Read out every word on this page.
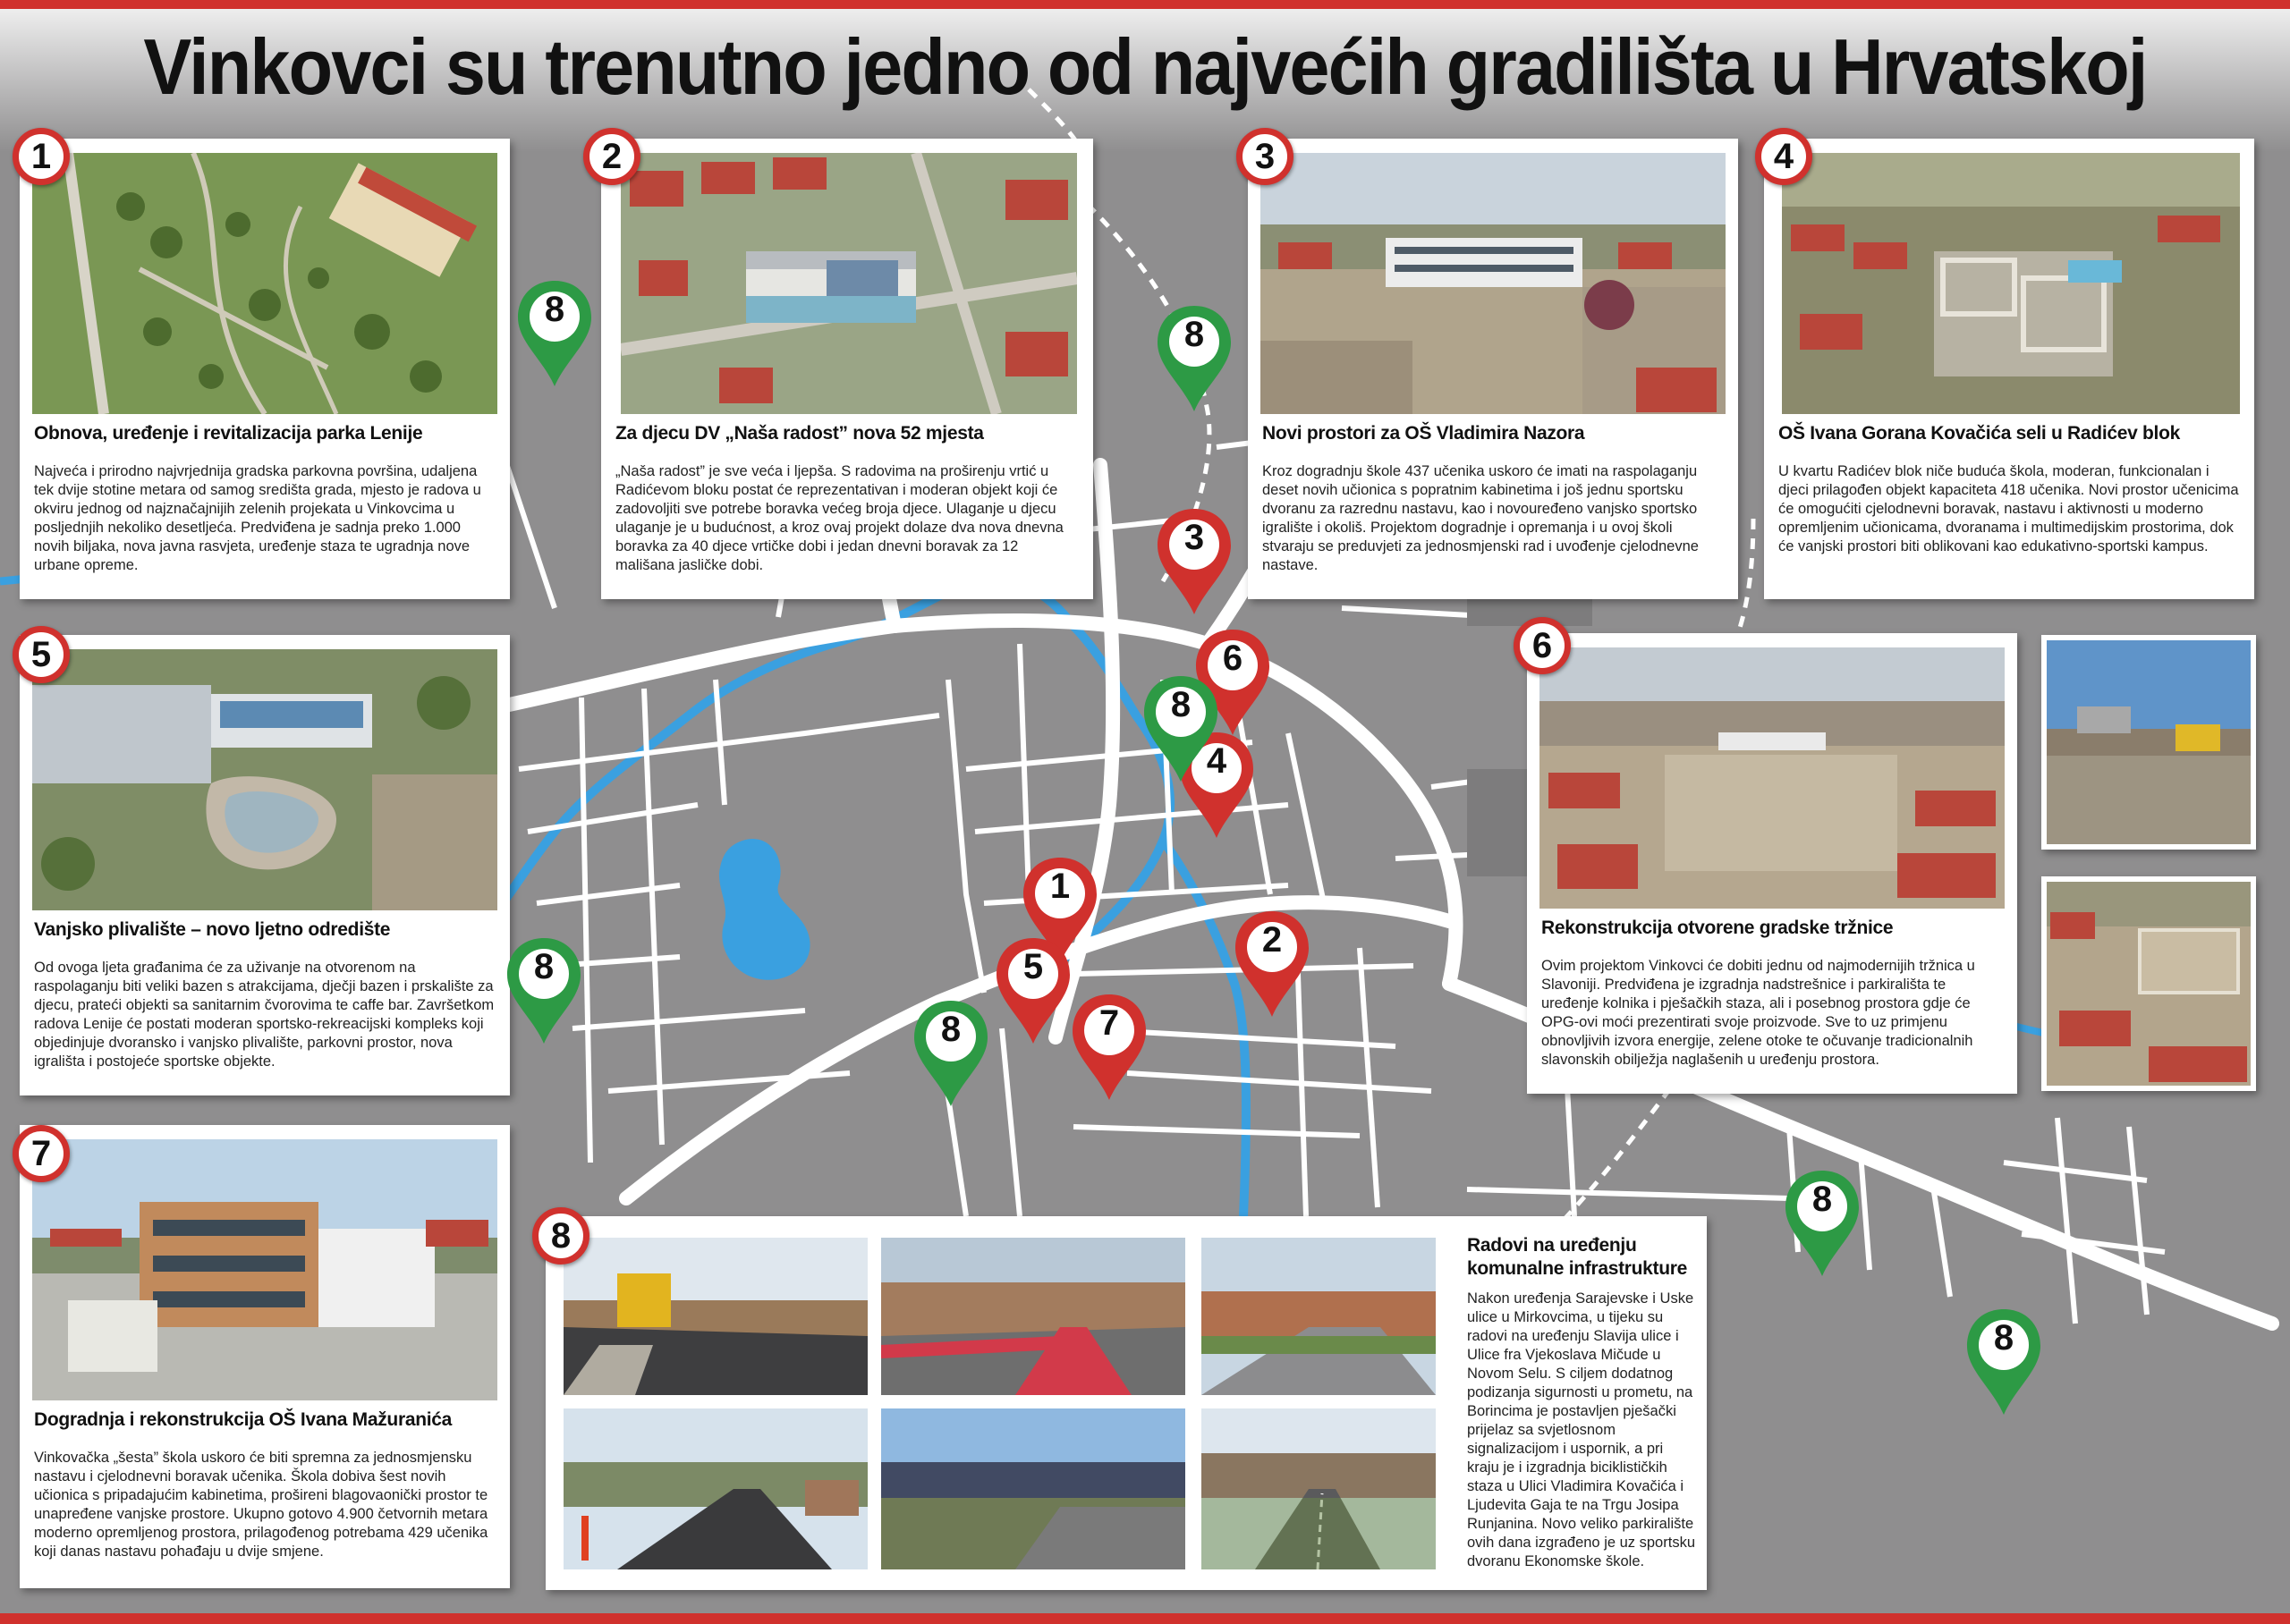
Vinkovci su trenutno jedno od najvećih gradilišta u Hrvatskoj
Obnova, uređenje i revitalizacija parka Lenije
Najveća i prirodno najvrjednija gradska parkovna površina, udaljena tek dvije stotine metara od samog središta grada, mjesto je radova u okviru jednog od najznačajnijih zelenih projekata u Vinkovcima u posljednjih nekoliko desetljeća. Predviđena je sadnja preko 1.000 novih biljaka, nova javna rasvjeta, uređenje staza te ugradnja nove urbane opreme.
1
Za djecu DV „Naša radost” nova 52 mjesta
„Naša radost” je sve veća i ljepša. S radovima na proširenju vrtić u Radićevom bloku postat će reprezentativan i moderan objekt koji će zadovoljiti sve potrebe boravka većeg broja djece. Ulaganje u djecu ulaganje je u budućnost, a kroz ovaj projekt dolaze dva nova dnevna boravka za 40 djece vrtičke dobi i jedan dnevni boravak za 12 mališana jasličke dobi.
2
Novi prostori za OŠ Vladimira Nazora
Kroz dogradnju škole 437 učenika uskoro će imati na raspolaganju deset novih učionica s popratnim kabinetima i još jednu sportsku dvoranu za razrednu nastavu, kao i novouređeno vanjsko sportsko igralište i okoliš. Projektom dogradnje i opremanja i u ovoj školi stvaraju se preduvjeti za jednosmjenski rad i uvođenje cjelodnevne nastave.
3
OŠ Ivana Gorana Kovačića seli u Radićev blok
U kvartu Radićev blok niče buduća škola, moderan, funkcionalan i djeci prilagođen objekt kapaciteta 418 učenika. Novi prostor učenicima će omogućiti cjelodnevni boravak, nastavu i aktivnosti u moderno opremljenim učionicama, dvoranama i multimedijskim prostorima, dok će vanjski prostori biti oblikovani kao edukativno-sportski kampus.
4
Vanjsko plivalište – novo ljetno odredište
Od ovoga ljeta građanima će za uživanje na otvorenom na raspolaganju biti veliki bazen s atrakcijama, dječji bazen i prskalište za djecu, prateći objekti sa sanitarnim čvorovima te caffe bar. Završetkom radova Lenije će postati moderan sportsko-rekreacijski kompleks koji objedinjuje dvoransko i vanjsko plivalište, parkovni prostor, nova igrališta i postojeće sportske objekte.
5
Rekonstrukcija otvorene gradske tržnice
Ovim projektom Vinkovci će dobiti jednu od najmodernijih tržnica u Slavoniji. Predviđena je izgradnja nadstrešnice i parkirališta te uređenje kolnika i pješačkih staza, ali i posebnog prostora gdje će OPG-ovi moći prezentirati svoje proizvode. Sve to uz primjenu obnovljivih izvora energije, zelene otoke te očuvanje tradicionalnih slavonskih obilježja naglašenih u uređenju prostora.
6
Dogradnja i rekonstrukcija OŠ Ivana Mažuranića
Vinkovačka „šesta” škola uskoro će biti spremna za jednosmjensku nastavu i cjelodnevni boravak učenika. Škola dobiva šest novih učionica s pripadajućim kabinetima, prošireni blagovaonički prostor te unapređene vanjske prostore. Ukupno gotovo 4.900 četvornih metara moderno opremljenog prostora, prilagođenog potrebama 429 učenika koji danas nastavu pohađaju u dvije smjene.
7
Radovi na uređenju komunalne infrastrukture
Nakon uređenja Sarajevske i Uske ulice u Mirkovcima, u tijeku su radovi na uređenju Slavija ulice i Ulice fra Vjekoslava Mičude u Novom Selu. S ciljem dodatnog podizanja sigurnosti u prometu, na Borincima je postavljen pješački prijelaz sa svjetlosnom signalizacijom i uspornik, a pri kraju je i izgradnja biciklističkih staza u Ulici Vladimira Kovačića i Ljudevita Gaja te na Trgu Josipa Runjanina. Novo veliko parkiralište ovih dana izgrađeno je uz sportsku dvoranu Ekonomske škole.
8
1
2
3
4
5
6
7
8
8
8
8
8
8
8
